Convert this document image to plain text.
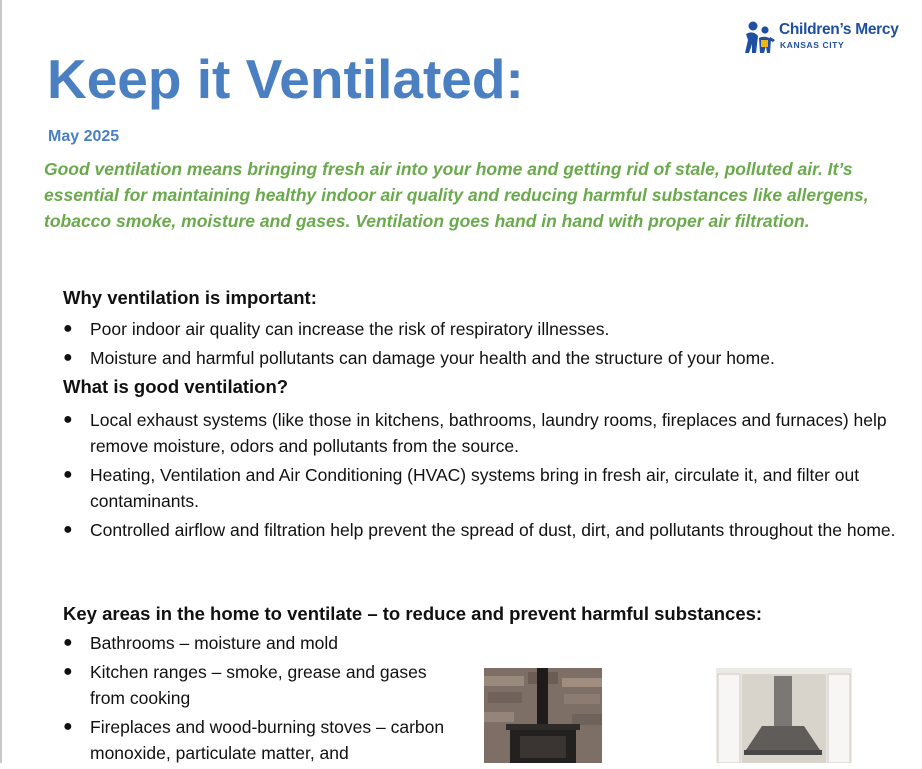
Children’s Mercy
KANSAS CITY
Keep it Ventilated:
May 2025

Good ventilation means bringing fresh air into your home and getting rid of stale, polluted air. It’s essential for maintaining healthy indoor air quality and reducing harmful substances like allergens, tobacco smoke, moisture and gases. Ventilation goes hand in hand with proper air filtration.

Why ventilation is important:
● Poor indoor air quality can increase the risk of respiratory illnesses.
● Moisture and harmful pollutants can damage your health and the structure of your home.
What is good ventilation?
● Local exhaust systems (like those in kitchens, bathrooms, laundry rooms, fireplaces and furnaces) help remove moisture, odors and pollutants from the source.
● Heating, Ventilation and Air Conditioning (HVAC) systems bring in fresh air, circulate it, and filter out contaminants.
● Controlled airflow and filtration help prevent the spread of dust, dirt, and pollutants throughout the home.
Key areas in the home to ventilate – to reduce and prevent harmful substances:
● Bathrooms – moisture and mold
● Kitchen ranges – smoke, grease and gases from cooking
● Fireplaces and wood-burning stoves – carbon monoxide, particulate matter, and
